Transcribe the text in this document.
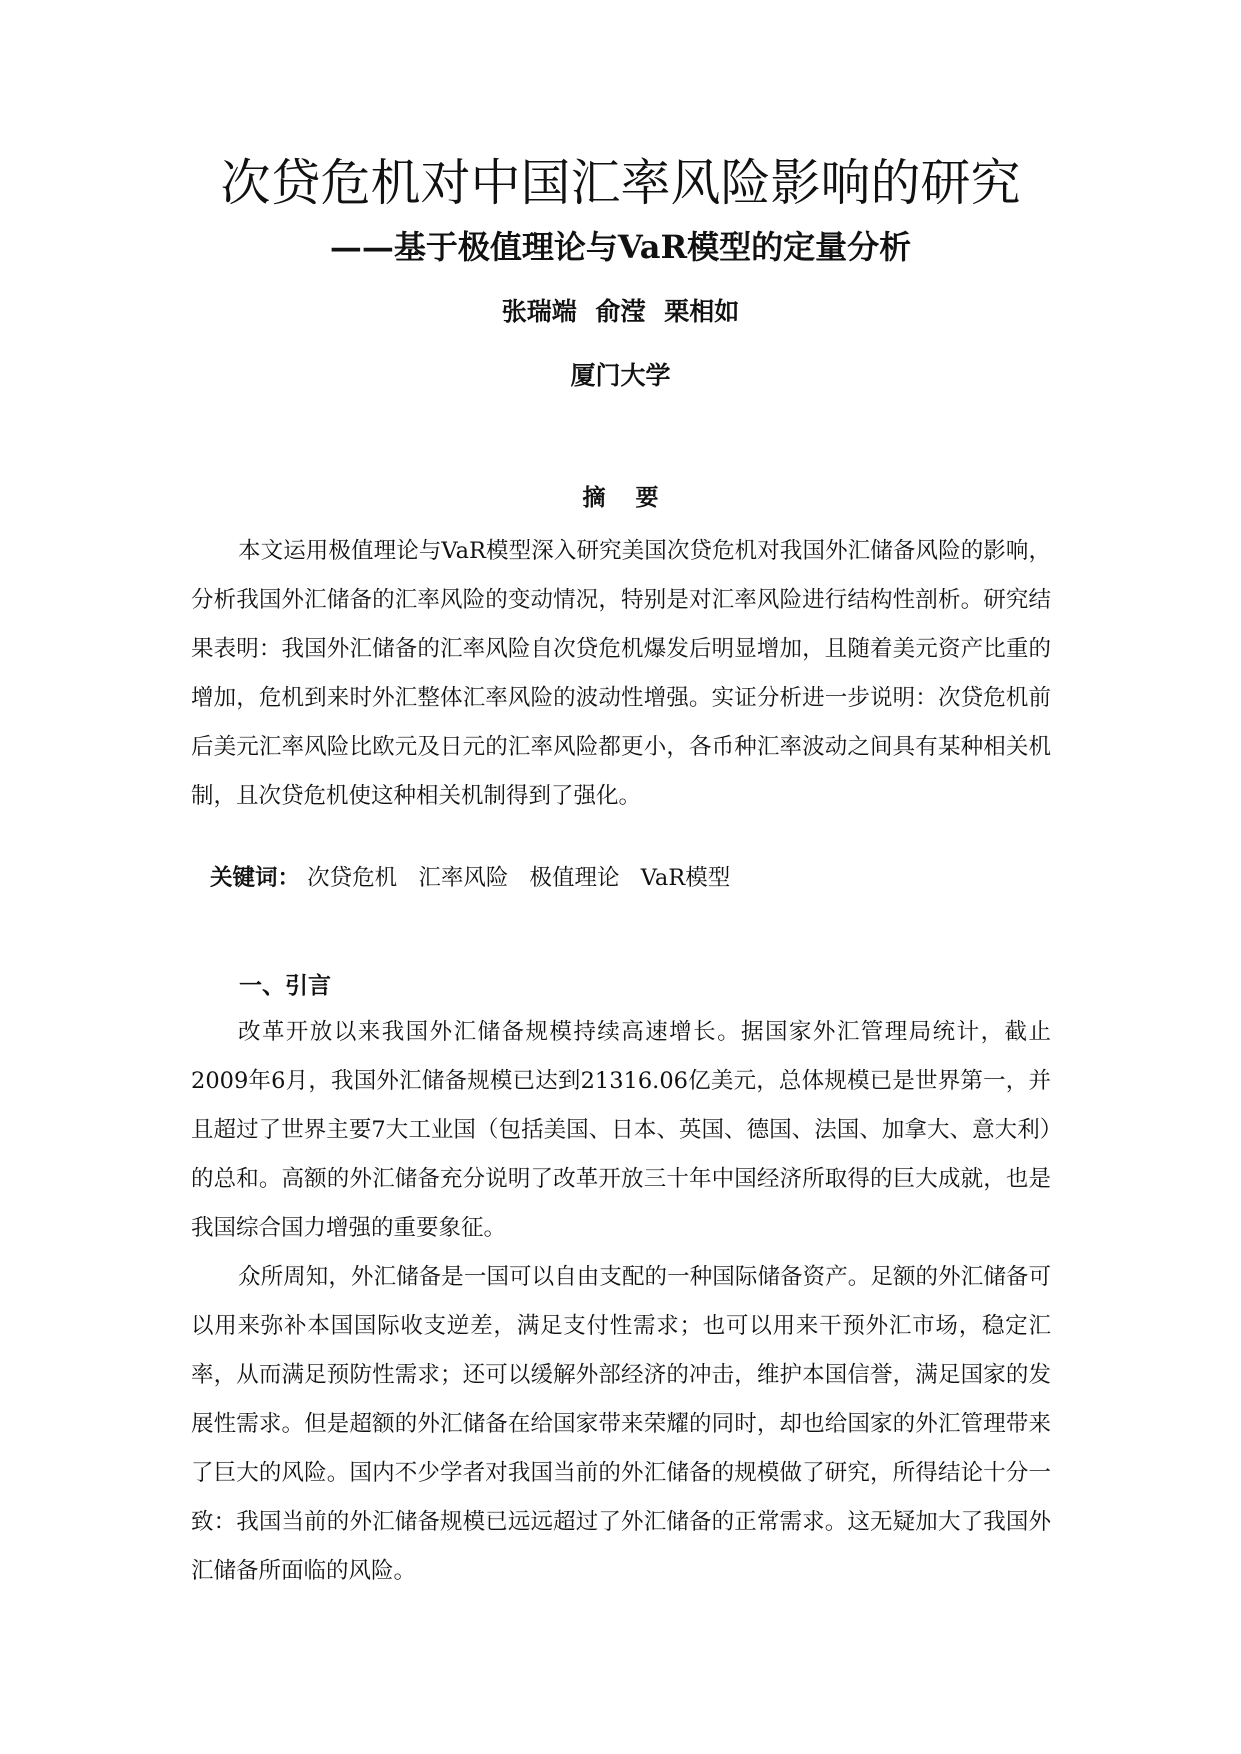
次贷危机对中国汇率风险影响的研究
——基于极值理论与VaR模型的定量分析
张瑞端 俞滢 栗相如
厦门大学
摘要

本文运用极值理论与VaR模型深入研究美国次贷危机对我国外汇储备风险的影响，分析我国外汇储备的汇率风险的变动情况，特别是对汇率风险进行结构性剖析。研究结果表明：我国外汇储备的汇率风险自次贷危机爆发后明显增加，且随着美元资产比重的增加，危机到来时外汇整体汇率风险的波动性增强。实证分析进一步说明：次贷危机前后美元汇率风险比欧元及日元的汇率风险都更小，各币种汇率波动之间具有某种相关机制，且次贷危机使这种相关机制得到了强化。

关键词： 次贷危机 汇率风险 极值理论 VaR模型
一、引言

改革开放以来我国外汇储备规模持续高速增长。据国家外汇管理局统计，截止2009年6月，我国外汇储备规模已达到21316.06亿美元，总体规模已是世界第一，并且超过了世界主要7大工业国（包括美国、日本、英国、德国、法国、加拿大、意大利）的总和。高额的外汇储备充分说明了改革开放三十年中国经济所取得的巨大成就，也是我国综合国力增强的重要象征。

众所周知，外汇储备是一国可以自由支配的一种国际储备资产。足额的外汇储备可以用来弥补本国国际收支逆差，满足支付性需求；也可以用来干预外汇市场，稳定汇率，从而满足预防性需求；还可以缓解外部经济的冲击，维护本国信誉，满足国家的发展性需求。但是超额的外汇储备在给国家带来荣耀的同时，却也给国家的外汇管理带来了巨大的风险。国内不少学者对我国当前的外汇储备的规模做了研究，所得结论十分一致：我国当前的外汇储备规模已远远超过了外汇储备的正常需求。这无疑加大了我国外汇储备所面临的风险。
